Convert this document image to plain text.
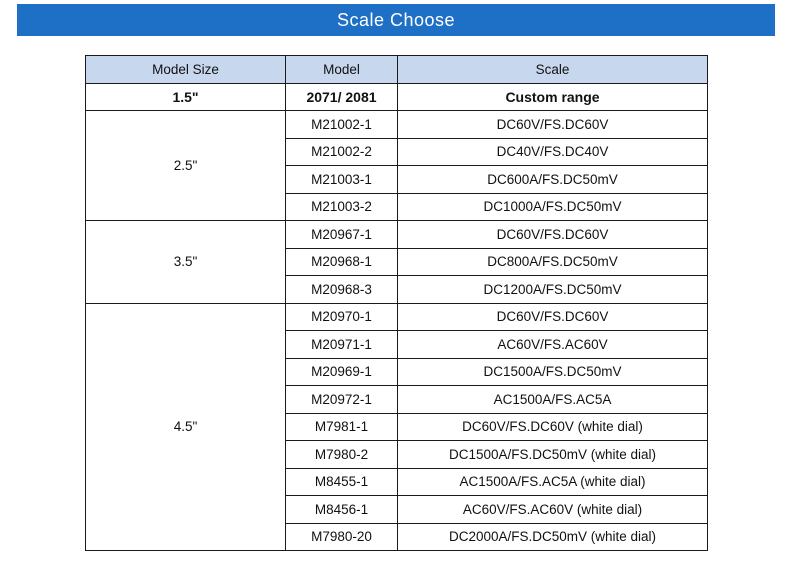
Scale Choose
Model Size	Model	Scale
1.5"	2071/ 2081	Custom range
2.5"	M21002-1	DC60V/FS.DC60V
	M21002-2	DC40V/FS.DC40V
	M21003-1	DC600A/FS.DC50mV
	M21003-2	DC1000A/FS.DC50mV
3.5"	M20967-1	DC60V/FS.DC60V
	M20968-1	DC800A/FS.DC50mV
	M20968-3	DC1200A/FS.DC50mV
4.5"	M20970-1	DC60V/FS.DC60V
	M20971-1	AC60V/FS.AC60V
	M20969-1	DC1500A/FS.DC50mV
	M20972-1	AC1500A/FS.AC5A
	M7981-1	DC60V/FS.DC60V (white dial)
	M7980-2	DC1500A/FS.DC50mV (white dial)
	M8455-1	AC1500A/FS.AC5A (white dial)
	M8456-1	AC60V/FS.AC60V (white dial)
	M7980-20	DC2000A/FS.DC50mV (white dial)
